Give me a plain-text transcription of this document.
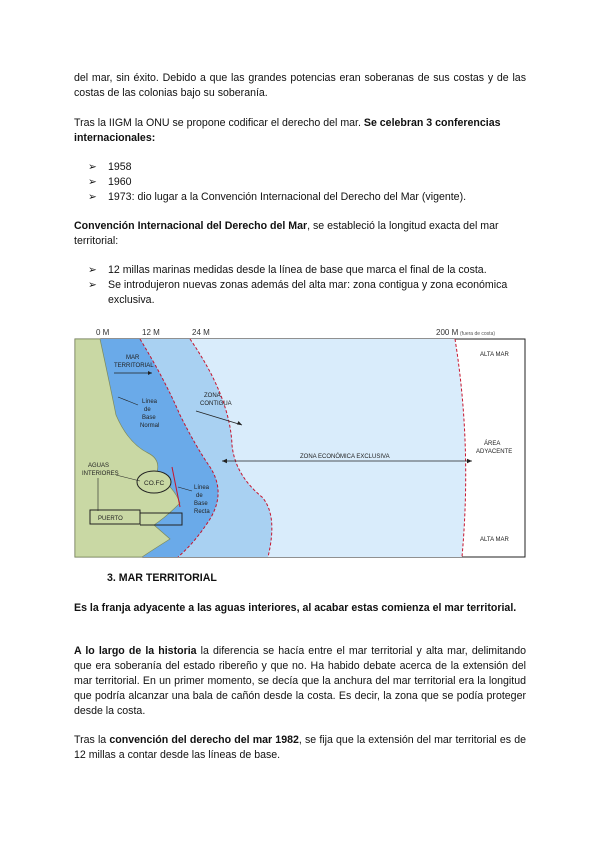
del mar, sin éxito. Debido a que las grandes potencias eran soberanas de sus costas y de las costas de las colonias bajo su soberanía.

Tras la IIGM la ONU se propone codificar el derecho del mar. Se celebran 3 conferencias internacionales:

➢ 1958
➢ 1960
➢ 1973: dio lugar a la Convención Internacional del Derecho del Mar (vigente).

Convención Internacional del Derecho del Mar, se estableció la longitud exacta del mar territorial:

➢ 12 millas marinas medidas desde la línea de base que marca el final de la costa.
➢ Se introdujeron nuevas zonas además del alta mar: zona contigua y zona económica exclusiva.
0 M	12 M	24 M	200 M (fuera de costa)
MAR
TERRITORIAL
Línea
de
Base
Normal
ZONA
CONTIGUA
ZONA ECONÓMICA EXCLUSIVA
AGUAS
INTERIORES
CO.FC
Línea
de
Base
Recta
PUERTO
ALTA MAR
ÁREA
ADYACENTE
ALTA MAR
3. MAR TERRITORIAL

Es la franja adyacente a las aguas interiores, al acabar estas comienza el mar territorial.

A lo largo de la historia la diferencia se hacía entre el mar territorial y alta mar, delimitando que era soberanía del estado ribereño y que no. Ha habido debate acerca de la extensión del mar territorial. En un primer momento, se decía que la anchura del mar territorial era la longitud que podría alcanzar una bala de cañón desde la costa. Es decir, la zona que se podía proteger desde la costa.

Tras la convención del derecho del mar 1982, se fija que la extensión del mar territorial es de 12 millas a contar desde las líneas de base.
